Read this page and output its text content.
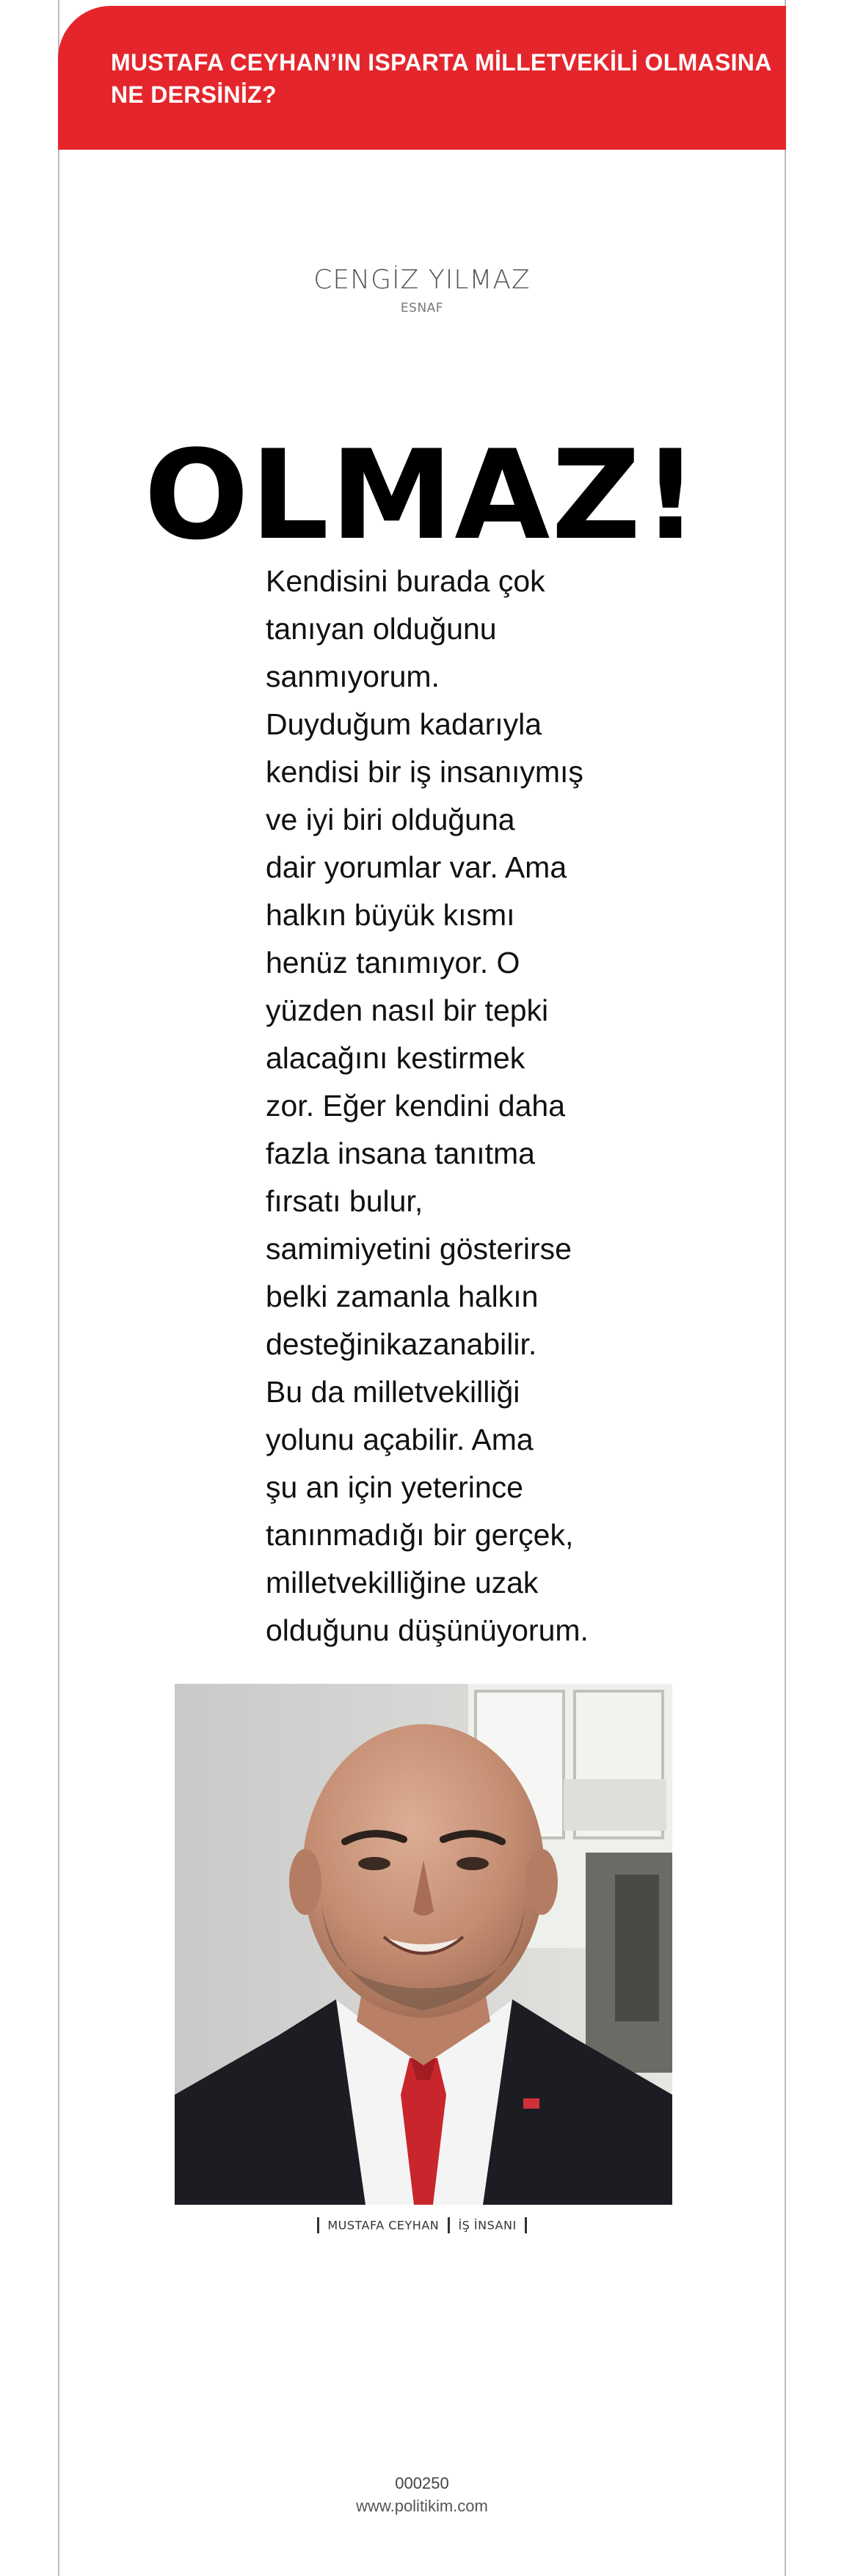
MUSTAFA CEYHAN’IN ISPARTA MİLLETVEKİLİ OLMASINA NE DERSİNİZ?
CENGİZ YILMAZ
ESNAF
OLMAZ!
Kendisini burada çok
tanıyan olduğunu
sanmıyorum.
Duyduğum kadarıyla
kendisi bir iş insanıymış
ve iyi biri olduğuna
dair yorumlar var. Ama
halkın büyük kısmı
henüz tanımıyor. O
yüzden nasıl bir tepki
alacağını kestirmek
zor. Eğer kendini daha
fazla insana tanıtma
fırsatı bulur,
samimiyetini gösterirse
belki zamanla halkın
desteğinikazanabilir.
Bu da milletvekilliği
yolunu açabilir. Ama
şu an için yeterince
tanınmadığı bir gerçek,
milletvekilliğine uzak
olduğunu düşünüyorum.
MUSTAFA CEYHAN İŞ İNSANI
000250
www.politikim.com
